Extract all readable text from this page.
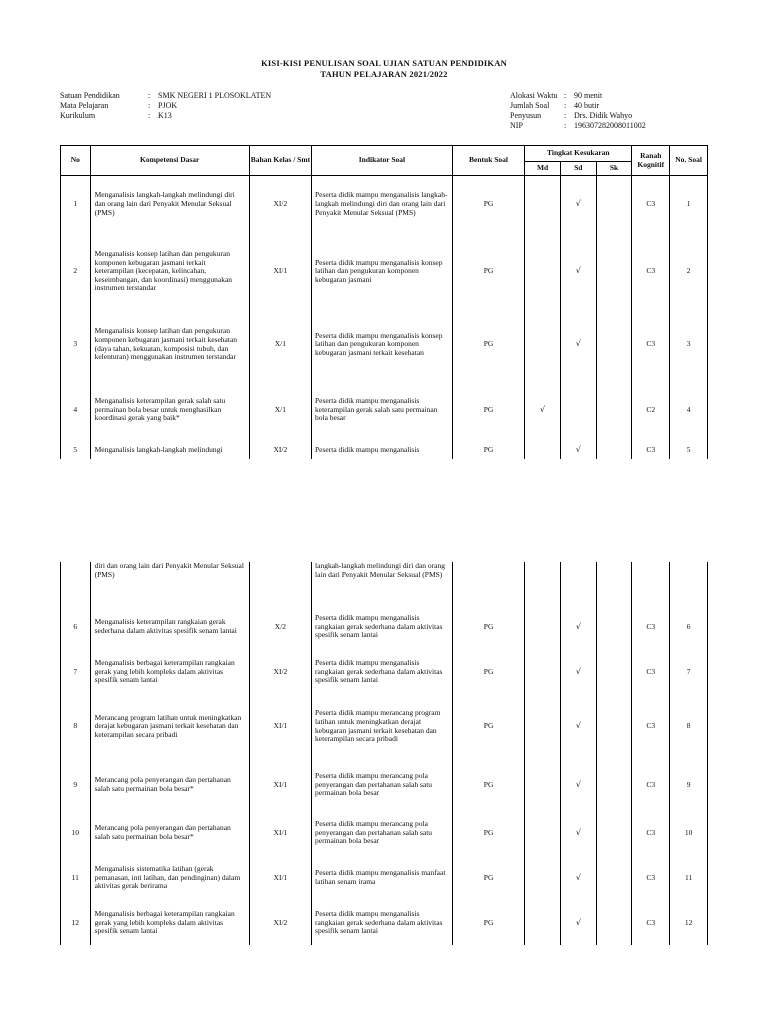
KISI-KISI PENULISAN SOAL UJIAN SATUAN PENDIDIKAN
TAHUN PELAJARAN 2021/2022
Satuan Pendidikan	: SMK NEGERI 1 PLOSOKLATEN
Mata Pelajaran	: PJOK
Kurikulum	: K13
Alokasi Waktu : 90 menit
Jumlah Soal	: 40 butir
Penyusun	: Drs. Didik Wahyo
NIP	: 196307282008011002
No	Kompetensi Dasar	Bahan Kelas / Smt	Indikator Soal	Bentuk Soal	Tingkat Kesukaran			Ranah Kognitif	No. Soal
					Md	Sd	Sk		
1	Menganalisis langkah-langkah melindungi diri dan orang lain dari Penyakit Menular Seksual (PMS)	XI/2	Peserta didik mampu menganalisis langkah-langkah melindungi diri dan orang lain dari Penyakit Menular Seksual (PMS)	PG		√		C3	1
2	Menganalisis konsep latihan dan pengukuran komponen kebugaran jasmani terkait keterampilan (kecepatan, kelincahan, keseimbangan, dan koordinasi) menggunakan instrumen terstandar	XI/1	Peserta didik mampu menganalisis konsep latihan dan pengukuran komponen kebugaran jasmani	PG		√		C3	2
3	Menganalisis konsep latihan dan pengukuran komponen kebugaran jasmani terkait kesehatan (daya tahan, kekuatan, komposisi tubuh, dan kelenturan) menggunakan instrumen terstandar	X/1	Peserta didik mampu menganalisis konsep latihan dan pengukuran komponen kebugaran jasmani terkait kesehatan	PG		√		C3	3
4	Menganalisis keterampilan gerak salah satu permainan bola besar untuk menghasilkan koordinasi gerak yang baik*	X/1	Peserta didik mampu menganalisis keterampilan gerak salah satu permainan bola besar	PG	√			C2	4
5	Menganalisis langkah-langkah melindungi	XI/2	Peserta didik mampu menganalisis	PG		√		C3	5
	diri dan orang lain dari Penyakit Menular Seksual (PMS)		langkah-langkah melindungi diri dan orang lain dari Penyakit Menular Seksual (PMS)						
6	Menganalisis keterampilan rangkaian gerak sederhana dalam aktivitas spesifik senam lantai	X/2	Peserta didik mampu menganalisis rangkaian gerak sederhana dalam aktivitas spesifik senam lantai	PG		√		C3	6
7	Menganalisis berbagai keterampilan rangkaian gerak yang lebih kompleks dalam aktivitas spesifik senam lantai	XI/2	Peserta didik mampu menganalisis rangkaian gerak sederhana dalam aktivitas spesifik senam lantai	PG		√		C3	7
8	Merancang program latihan untuk meningkatkan derajat kebugaran jasmani terkait kesehatan dan keterampilan secara pribadi	XI/1	Peserta didik mampu merancang program latihan untuk meningkatkan derajat kebugaran jasmani terkait kesehatan dan keterampilan secara pribadi	PG		√		C3	8
9	Merancang pola penyerangan dan pertahanan salah satu permainan bola besar*	XI/1	Peserta didik mampu merancang pola penyerangan dan pertahanan salah satu permainan bola besar	PG		√		C3	9
10	Merancang pola penyerangan dan pertahanan salah satu permainan bola besar*	XI/1	Peserta didik mampu merancang pola penyerangan dan pertahanan salah satu permainan bola besar	PG		√		C3	10
11	Menganalisis sistematika latihan (gerak pemanasan, inti latihan, dan pendinginan) dalam aktivitas gerak berirama	XI/1	Peserta didik mampu menganalisis manfaat latihan senam irama	PG		√		C3	11
12	Menganalisis berbagai keterampilan rangkaian gerak yang lebih kompleks dalam aktivitas spesifik senam lantai	XI/2	Peserta didik mampu menganalisis rangkaian gerak sederhana dalam aktivitas spesifik senam lantai	PG		√		C3	12
